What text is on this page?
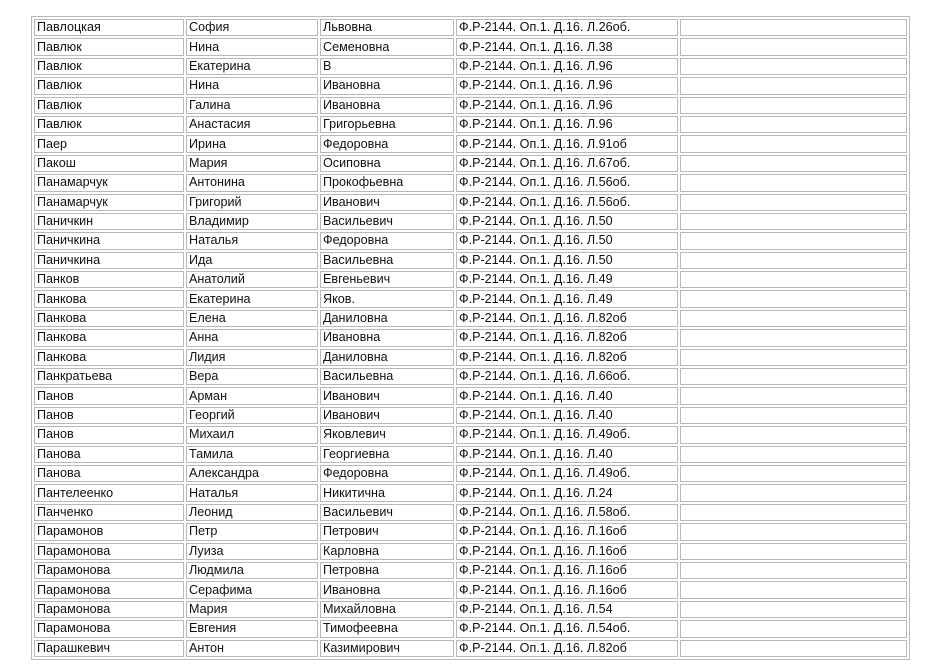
Павлоцкая	София	Львовна	Ф.Р-2144. Оп.1. Д.16. Л.26об.	
Павлюк	Нина	Семеновна	Ф.Р-2144. Оп.1. Д.16. Л.38	
Павлюк	Екатерина	В	Ф.Р-2144. Оп.1. Д.16. Л.96	
Павлюк	Нина	Ивановна	Ф.Р-2144. Оп.1. Д.16. Л.96	
Павлюк	Галина	Ивановна	Ф.Р-2144. Оп.1. Д.16. Л.96	
Павлюк	Анастасия	Григорьевна	Ф.Р-2144. Оп.1. Д.16. Л.96	
Паер	Ирина	Федоровна	Ф.Р-2144. Оп.1. Д.16. Л.91об	
Пакош	Мария	Осиповна	Ф.Р-2144. Оп.1. Д.16. Л.67об.	
Панамарчук	Антонина	Прокофьевна	Ф.Р-2144. Оп.1. Д.16. Л.56об.	
Панамарчук	Григорий	Иванович	Ф.Р-2144. Оп.1. Д.16. Л.56об.	
Паничкин	Владимир	Васильевич	Ф.Р-2144. Оп.1. Д.16. Л.50	
Паничкина	Наталья	Федоровна	Ф.Р-2144. Оп.1. Д.16. Л.50	
Паничкина	Ида	Васильевна	Ф.Р-2144. Оп.1. Д.16. Л.50	
Панков	Анатолий	Евгеньевич	Ф.Р-2144. Оп.1. Д.16. Л.49	
Панкова	Екатерина	Яков.	Ф.Р-2144. Оп.1. Д.16. Л.49	
Панкова	Елена	Даниловна	Ф.Р-2144. Оп.1. Д.16. Л.82об	
Панкова	Анна	Ивановна	Ф.Р-2144. Оп.1. Д.16. Л.82об	
Панкова	Лидия	Даниловна	Ф.Р-2144. Оп.1. Д.16. Л.82об	
Панкратьева	Вера	Васильевна	Ф.Р-2144. Оп.1. Д.16. Л.66об.	
Панов	Арман	Иванович	Ф.Р-2144. Оп.1. Д.16. Л.40	
Панов	Георгий	Иванович	Ф.Р-2144. Оп.1. Д.16. Л.40	
Панов	Михаил	Яковлевич	Ф.Р-2144. Оп.1. Д.16. Л.49об.	
Панова	Тамила	Георгиевна	Ф.Р-2144. Оп.1. Д.16. Л.40	
Панова	Александра	Федоровна	Ф.Р-2144. Оп.1. Д.16. Л.49об.	
Пантелеенко	Наталья	Никитична	Ф.Р-2144. Оп.1. Д.16. Л.24	
Панченко	Леонид	Васильевич	Ф.Р-2144. Оп.1. Д.16. Л.58об.	
Парамонов	Петр	Петрович	Ф.Р-2144. Оп.1. Д.16. Л.16об	
Парамонова	Луиза	Карловна	Ф.Р-2144. Оп.1. Д.16. Л.16об	
Парамонова	Людмила	Петровна	Ф.Р-2144. Оп.1. Д.16. Л.16об	
Парамонова	Серафима	Ивановна	Ф.Р-2144. Оп.1. Д.16. Л.16об	
Парамонова	Мария	Михайловна	Ф.Р-2144. Оп.1. Д.16. Л.54	
Парамонова	Евгения	Тимофеевна	Ф.Р-2144. Оп.1. Д.16. Л.54об.	
Парашкевич	Антон	Казимирович	Ф.Р-2144. Оп.1. Д.16. Л.82об	
